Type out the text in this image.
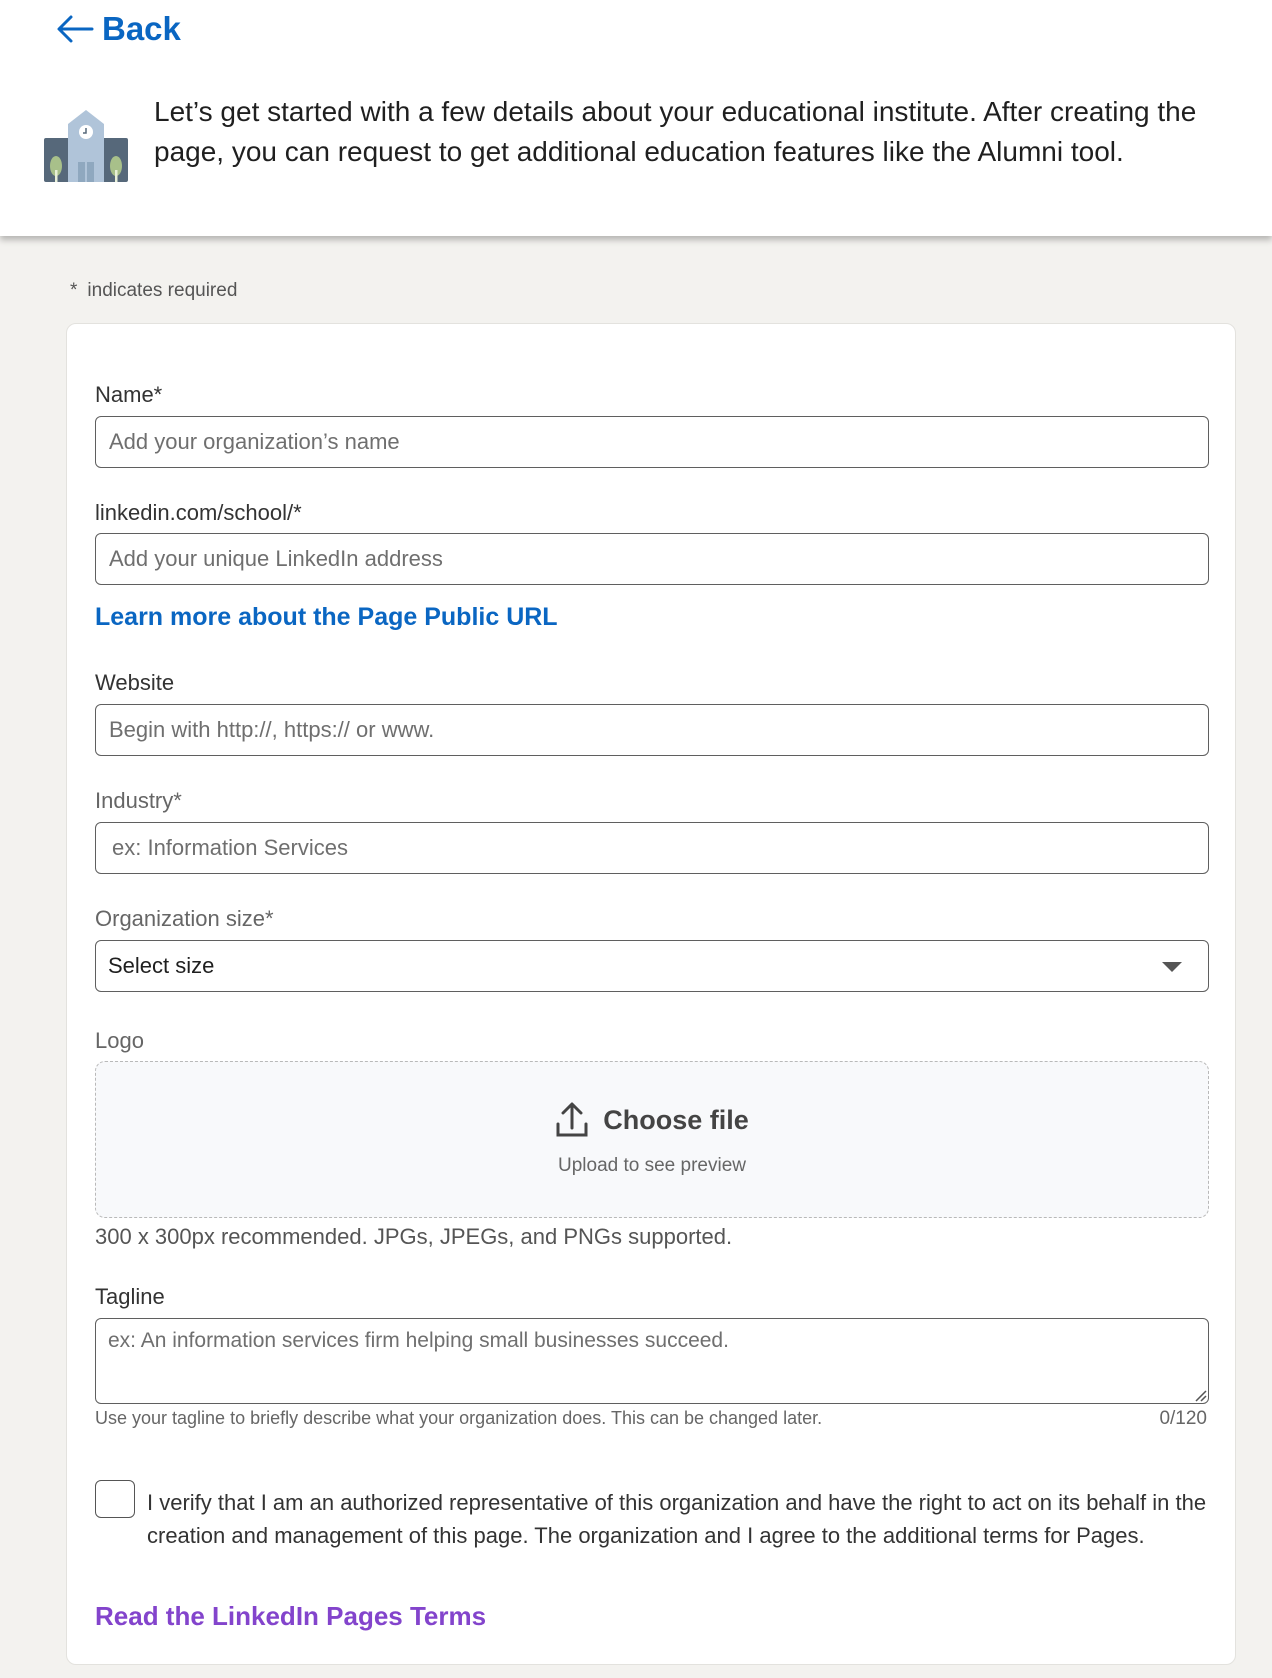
Back

Let’s get started with a few details about your educational institute. After creating the page, you can request to get additional education features like the Alumni tool.

* indicates required
Name*
Add your organization’s name
linkedin.com/school/*
Add your unique LinkedIn address
Learn more about the Page Public URL
Website
Begin with http://, https:// or www.
Industry*
ex: Information Services
Organization size*
Select size
Logo
Choose file
Upload to see preview
300 x 300px recommended. JPGs, JPEGs, and PNGs supported.
Tagline
ex: An information services firm helping small businesses succeed.
Use your tagline to briefly describe what your organization does. This can be changed later.	0/120

I verify that I am an authorized representative of this organization and have the right to act on its behalf in the creation and management of this page. The organization and I agree to the additional terms for Pages.

Read the LinkedIn Pages Terms
